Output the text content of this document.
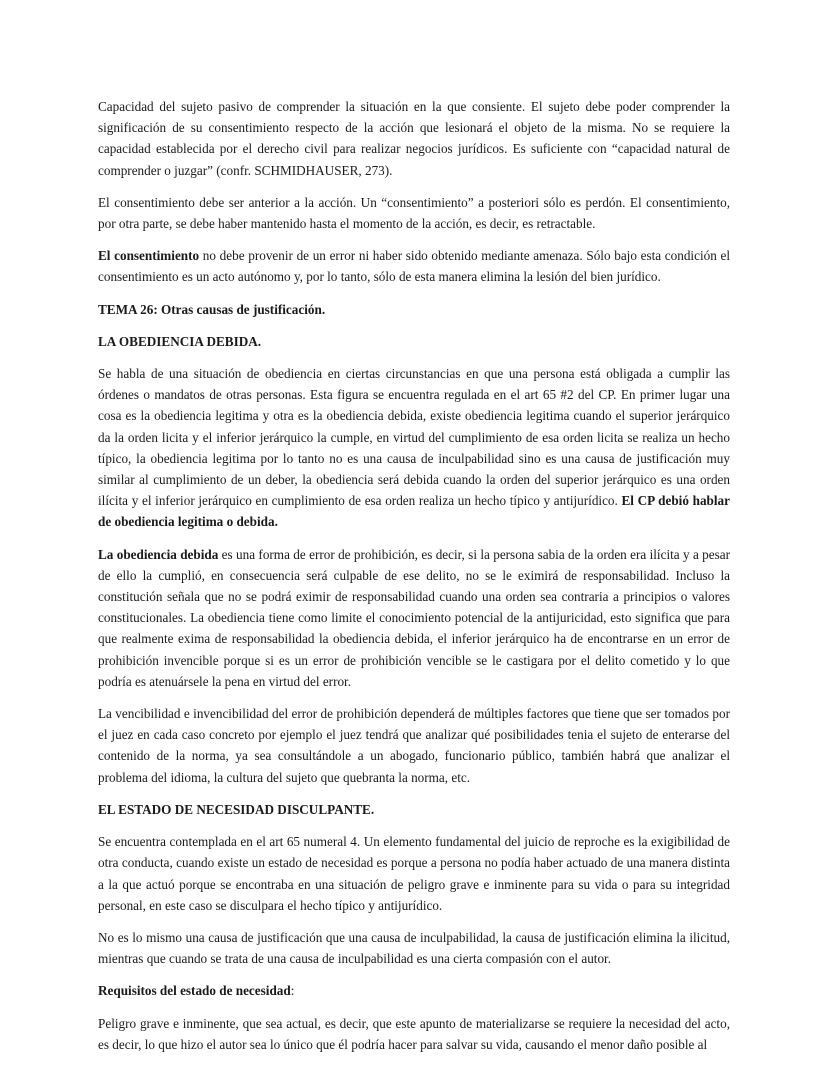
Capacidad del sujeto pasivo de comprender la situación en la que consiente. El sujeto debe poder comprender la significación de su consentimiento respecto de la acción que lesionará el objeto de la misma. No se requiere la capacidad establecida por el derecho civil para realizar negocios jurídicos. Es suficiente con “capacidad natural de comprender o juzgar” (confr. SCHMIDHAUSER, 273).

El consentimiento debe ser anterior a la acción. Un “consentimiento” a posteriori sólo es perdón. El consentimiento, por otra parte, se debe haber mantenido hasta el momento de la acción, es decir, es retractable.

El consentimiento no debe provenir de un error ni haber sido obtenido mediante amenaza. Sólo bajo esta condición el consentimiento es un acto autónomo y, por lo tanto, sólo de esta manera elimina la lesión del bien jurídico.

TEMA 26: Otras causas de justificación.

LA OBEDIENCIA DEBIDA.

Se habla de una situación de obediencia en ciertas circunstancias en que una persona está obligada a cumplir las órdenes o mandatos de otras personas. Esta figura se encuentra regulada en el art 65 #2 del CP. En primer lugar una cosa es la obediencia legitima y otra es la obediencia debida, existe obediencia legitima cuando el superior jerárquico da la orden licita y el inferior jerárquico la cumple, en virtud del cumplimiento de esa orden licita se realiza un hecho típico, la obediencia legitima por lo tanto no es una causa de inculpabilidad sino es una causa de justificación muy similar al cumplimiento de un deber, la obediencia será debida cuando la orden del superior jerárquico es una orden ilícita y el inferior jerárquico en cumplimiento de esa orden realiza un hecho típico y antijurídico. El CP debió hablar de obediencia legitima o debida.

La obediencia debida es una forma de error de prohibición, es decir, si la persona sabia de la orden era ilícita y a pesar de ello la cumplió, en consecuencia será culpable de ese delito, no se le eximirá de responsabilidad. Incluso la constitución señala que no se podrá eximir de responsabilidad cuando una orden sea contraria a principios o valores constitucionales. La obediencia tiene como limite el conocimiento potencial de la antijuricidad, esto significa que para que realmente exima de responsabilidad la obediencia debida, el inferior jerárquico ha de encontrarse en un error de prohibición invencible porque si es un error de prohibición vencible se le castigara por el delito cometido y lo que podría es atenuársele la pena en virtud del error.

La vencibilidad e invencibilidad del error de prohibición dependerá de múltiples factores que tiene que ser tomados por el juez en cada caso concreto por ejemplo el juez tendrá que analizar qué posibilidades tenia el sujeto de enterarse del contenido de la norma, ya sea consultándole a un abogado, funcionario público, también habrá que analizar el problema del idioma, la cultura del sujeto que quebranta la norma, etc.

EL ESTADO DE NECESIDAD DISCULPANTE.

Se encuentra contemplada en el art 65 numeral 4. Un elemento fundamental del juicio de reproche es la exigibilidad de otra conducta, cuando existe un estado de necesidad es porque a persona no podía haber actuado de una manera distinta a la que actuó porque se encontraba en una situación de peligro grave e inminente para su vida o para su integridad personal, en este caso se disculpara el hecho típico y antijurídico.

No es lo mismo una causa de justificación que una causa de inculpabilidad, la causa de justificación elimina la ilicitud, mientras que cuando se trata de una causa de inculpabilidad es una cierta compasión con el autor.

Requisitos del estado de necesidad:

Peligro grave e inminente, que sea actual, es decir, que este apunto de materializarse se requiere la necesidad del acto, es decir, lo que hizo el autor sea lo único que él podría hacer para salvar su vida, causando el menor daño posible al
